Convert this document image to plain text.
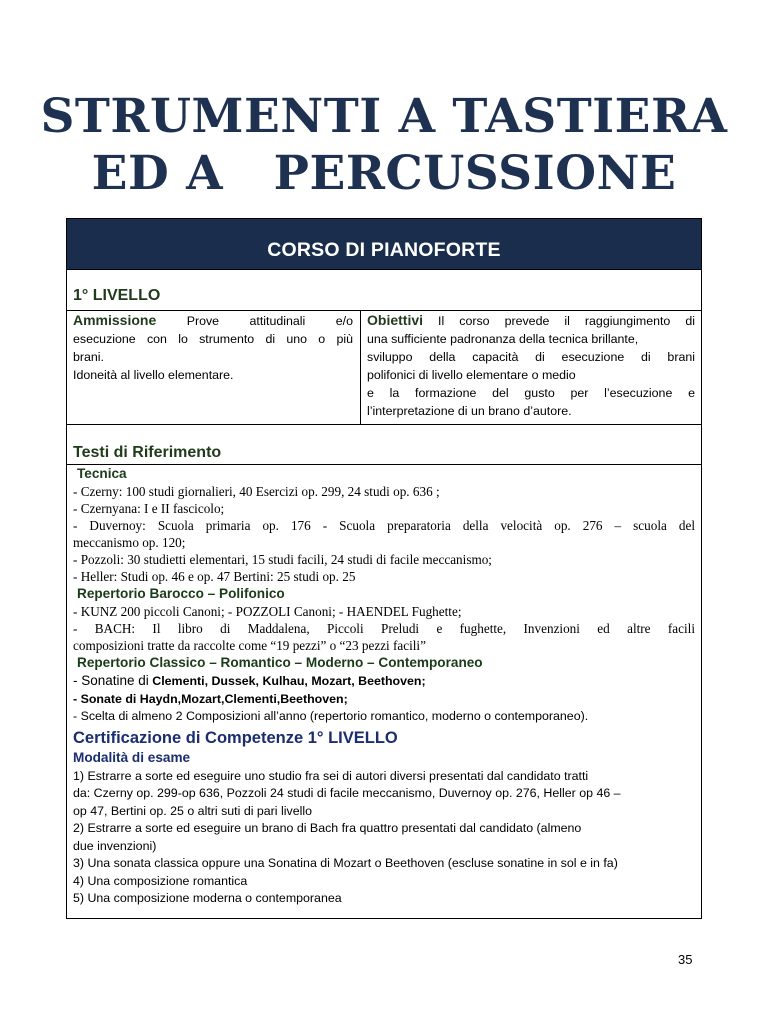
STRUMENTI A TASTIERA
ED A   PERCUSSIONE
CORSO DI PIANOFORTE
1° LIVELLO
Ammissione Prove attitudinali e/o
esecuzione con lo strumento di uno o più
brani.
Idoneità al livello elementare.
Obiettivi Il corso prevede il raggiungimento di
una sufficiente padronanza della tecnica brillante,
sviluppo della capacità di esecuzione di brani
polifonici di livello elementare o medio
e la formazione del gusto per l’esecuzione e
l’interpretazione di un brano d’autore.
Testi di Riferimento
Tecnica
- Czerny: 100 studi giornalieri, 40 Esercizi op. 299, 24 studi op. 636 ;
- Czernyana: I e II fascicolo;
- Duvernoy: Scuola primaria op. 176 - Scuola preparatoria della velocità op. 276 – scuola del
meccanismo op. 120;
- Pozzoli: 30 studietti elementari, 15 studi facili, 24 studi di facile meccanismo;
- Heller: Studi op. 46 e op. 47 Bertini: 25 studi op. 25
Repertorio Barocco – Polifonico
- KUNZ 200 piccoli Canoni; - POZZOLI Canoni; - HAENDEL Fughette;
- BACH: Il libro di Maddalena, Piccoli Preludi e fughette, Invenzioni ed altre facili
composizioni tratte da raccolte come “19 pezzi” o “23 pezzi facili”
Repertorio Classico – Romantico – Moderno – Contemporaneo
- Sonatine di Clementi, Dussek, Kulhau, Mozart, Beethoven;
- Sonate di Haydn,Mozart,Clementi,Beethoven;
- Scelta di almeno 2 Composizioni all’anno (repertorio romantico, moderno o contemporaneo).
Certificazione di Competenze 1° LIVELLO
Modalità di esame
1) Estrarre a sorte ed eseguire uno studio fra sei di autori diversi presentati dal candidato tratti
da: Czerny op. 299-op 636, Pozzoli 24 studi di facile meccanismo, Duvernoy op. 276, Heller op 46 –
op 47, Bertini op. 25 o altri suti di pari livello
2) Estrarre a sorte ed eseguire un brano di Bach fra quattro presentati dal candidato (almeno
due invenzioni)
3) Una sonata classica oppure una Sonatina di Mozart o Beethoven (escluse sonatine in sol e in fa)
4) Una composizione romantica
5) Una composizione moderna o contemporanea
35
